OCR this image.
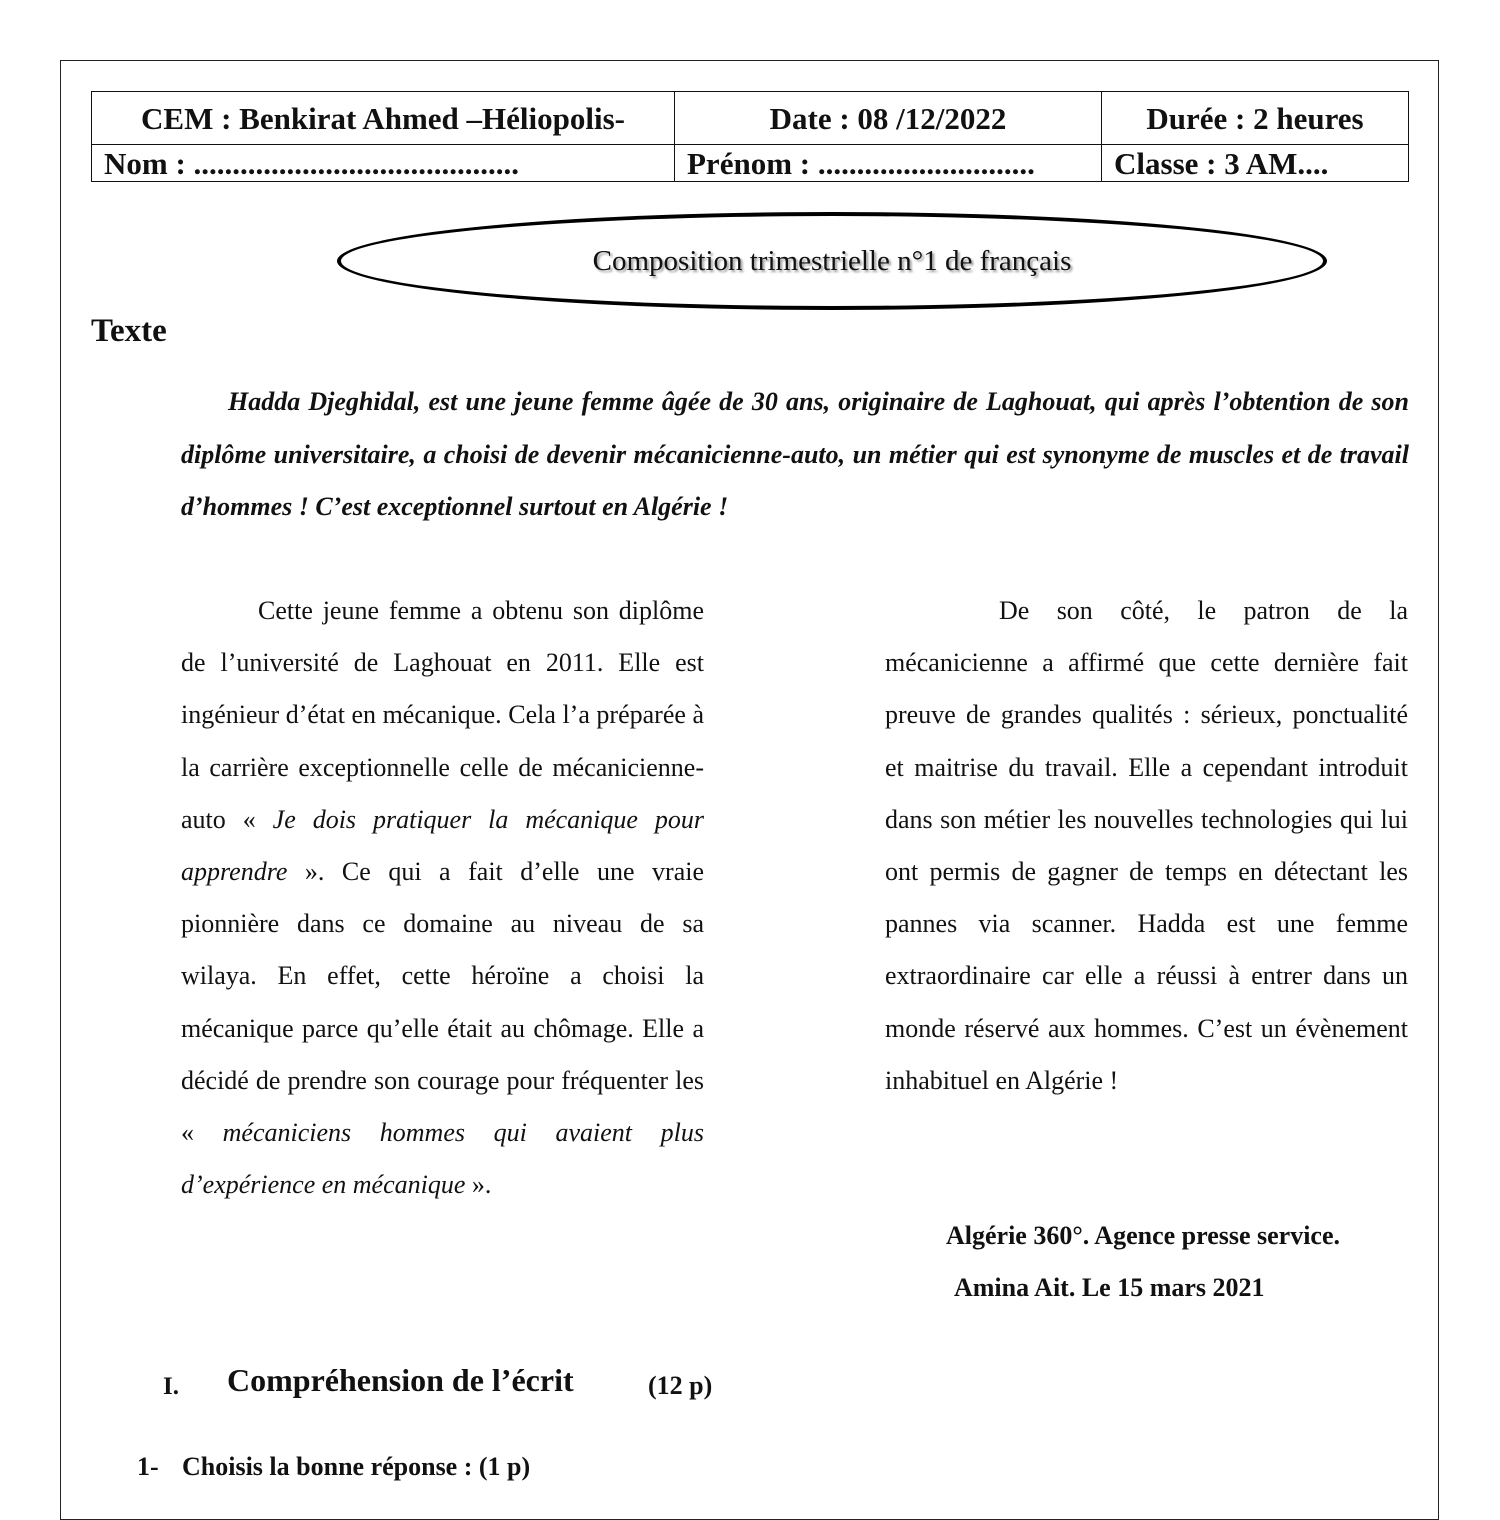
CEM : Benkirat Ahmed –Héliopolis-	Date : 08 /12/2022	Durée : 2 heures
Nom : ..........................................	Prénom : ............................	Classe : 3 AM....
Composition trimestrielle n°1 de français
Texte

Hadda Djeghidal, est une jeune femme âgée de 30 ans, originaire de Laghouat, qui après l’obtention de son diplôme universitaire, a choisi de devenir mécanicienne-auto, un métier qui est synonyme de muscles et de travail d’hommes ! C’est exceptionnel surtout en Algérie !

Cette jeune femme a obtenu son diplôme de l’université de Laghouat en 2011. Elle est ingénieur d’état en mécanique. Cela l’a préparée à la carrière exceptionnelle celle de mécanicienne-auto « Je dois pratiquer la mécanique pour apprendre ». Ce qui a fait d’elle une vraie pionnière dans ce domaine au niveau de sa wilaya. En effet, cette héroïne a choisi la mécanique parce qu’elle était au chômage. Elle a décidé de prendre son courage pour fréquenter les « mécaniciens hommes qui avaient plus d’expérience en mécanique ».

De son côté, le patron de la mécanicienne a affirmé que cette dernière fait preuve de grandes qualités : sérieux, ponctualité et maitrise du travail. Elle a cependant introduit dans son métier les nouvelles technologies qui lui ont permis de gagner de temps en détectant les pannes via scanner. Hadda est une femme extraordinaire car elle a réussi à entrer dans un monde réservé aux hommes. C’est un évènement inhabituel en Algérie !

Algérie 360°. Agence presse service.
Amina Ait. Le 15 mars 2021
I. Compréhension de l’écrit	(12 p)
1- Choisis la bonne réponse : (1 p)
